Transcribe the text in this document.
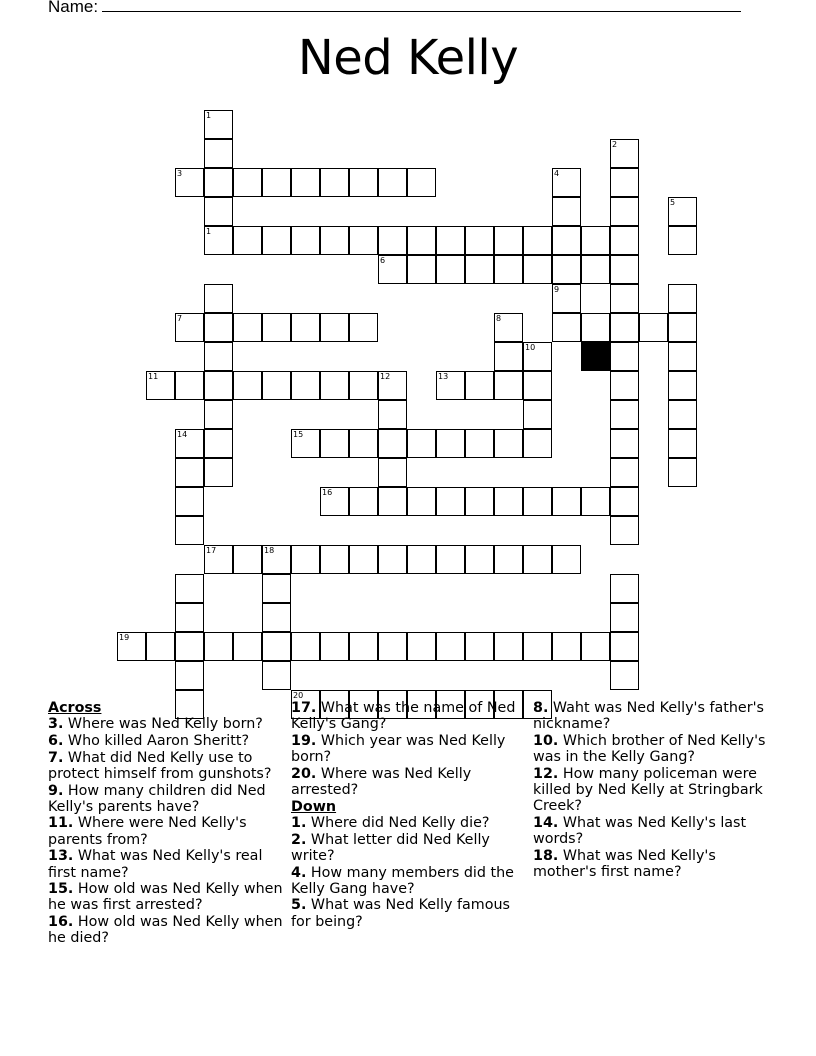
Name:
Ned Kelly
1
3
6
7
11	13
15
16
17	18
19
20
2
1
4
9
5
8
10
12
14
Across
3. Where was Ned Kelly born?
6. Who killed Aaron Sheritt?
7. What did Ned Kelly use to protect himself from gunshots?
9. How many children did Ned Kelly's parents have?
11. Where were Ned Kelly's parents from?
13. What was Ned Kelly's real first name?
15. How old was Ned Kelly when he was first arrested?
16. How old was Ned Kelly when he died?
17. What was the name of Ned Kelly's Gang?
19. Which year was Ned Kelly born?
20. Where was Ned Kelly arrested?
Down
1. Where did Ned Kelly die?
2. What letter did Ned Kelly write?
4. How many members did the Kelly Gang have?
5. What was Ned Kelly famous for being?
8. Waht was Ned Kelly's father's nickname?
10. Which brother of Ned Kelly's was in the Kelly Gang?
12. How many policeman were killed by Ned Kelly at Stringbark Creek?
14. What was Ned Kelly's last words?
18. What was Ned Kelly's mother's first name?
